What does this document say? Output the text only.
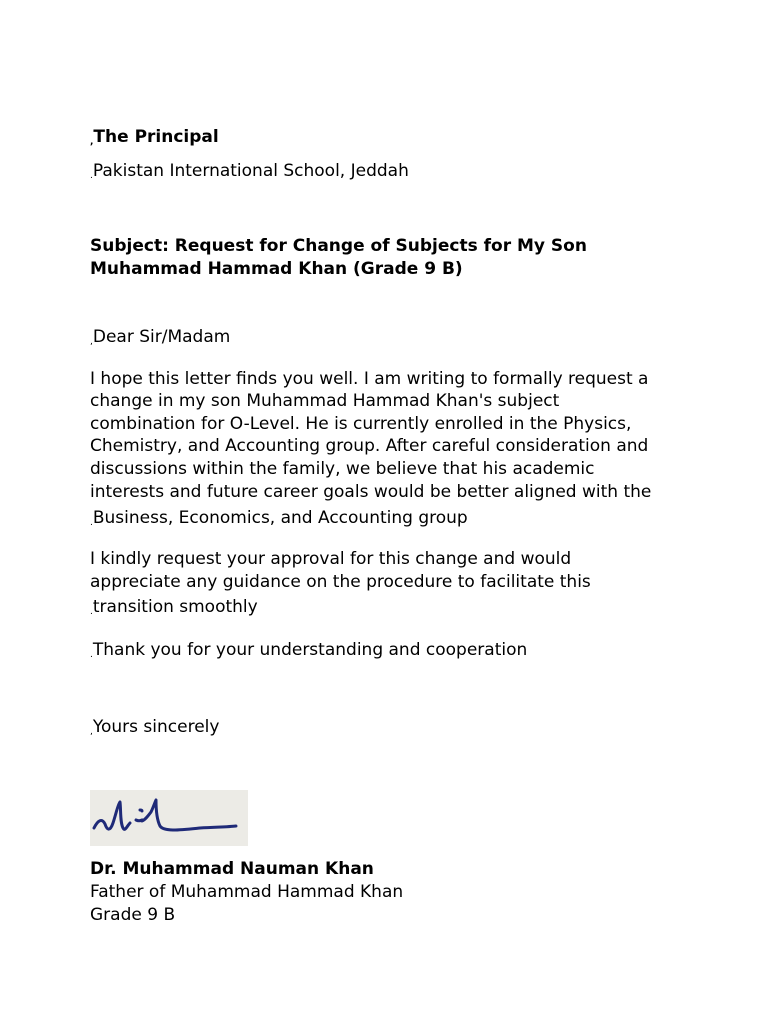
,The Principal

.Pakistan International School, Jeddah

Subject: Request for Change of Subjects for My Son

Muhammad Hammad Khan (Grade 9 B)

,Dear Sir/Madam

I hope this letter finds you well. I am writing to formally request a

change in my son Muhammad Hammad Khan's subject

combination for O-Level. He is currently enrolled in the Physics,

Chemistry, and Accounting group. After careful consideration and

discussions within the family, we believe that his academic

interests and future career goals would be better aligned with the

.Business, Economics, and Accounting group

I kindly request your approval for this change and would

appreciate any guidance on the procedure to facilitate this

.transition smoothly

.Thank you for your understanding and cooperation

,Yours sincerely

Dr. Muhammad Nauman Khan

Father of Muhammad Hammad Khan

Grade 9 B
